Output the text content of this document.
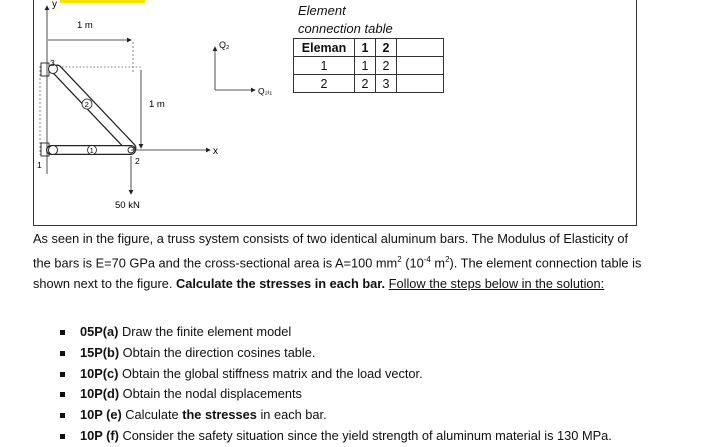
y
1 m
1 m
3
1	2
2
1	x
50 kN
Q₂
Q₂ₗ₁
Element
connection table
Eleman	1	2	
1	1	2	
2	2	3	
As seen in the figure, a truss system consists of two identical aluminum bars. The Modulus of Elasticity of the bars is E=70 GPa and the cross-sectional area is A=100 $mm^2$ ($10^{-4}$ $m^2$). The element connection table is shown next to the figure. Calculate the stresses in each bar. Follow the steps below in the solution:
05P(a) Draw the finite element model
15P(b) Obtain the direction cosines table.
10P(c) Obtain the global stiffness matrix and the load vector.
10P(d) Obtain the nodal displacements
10P (e) Calculate the stresses in each bar.
10P (f) Consider the safety situation since the yield strength of aluminum material is 130 MPa.
